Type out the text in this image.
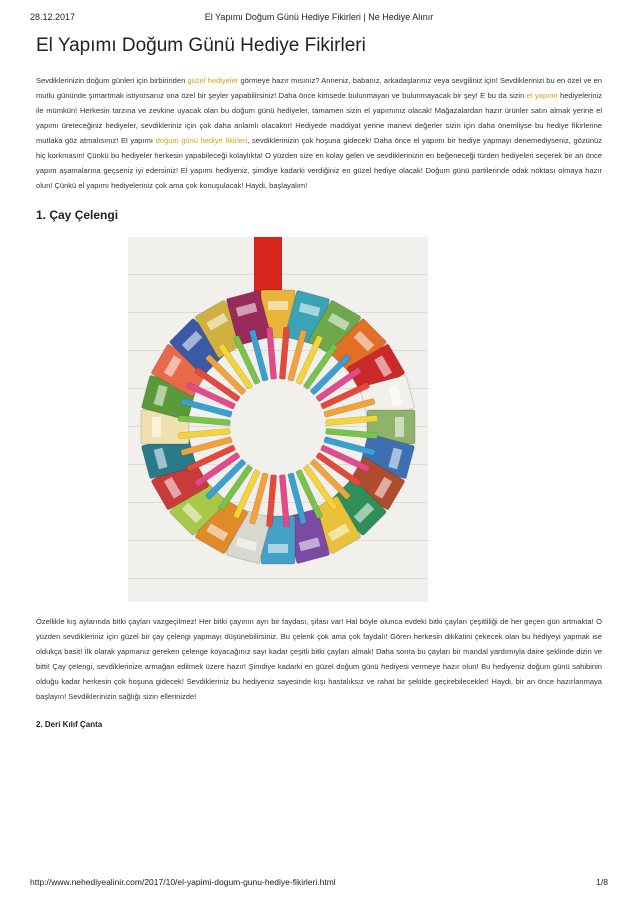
28.12.2017	El Yapımı Doğum Günü Hediye Fikirleri | Ne Hediye Alınır
El Yapımı Doğum Günü Hediye Fikirleri

Sevdiklerinizin doğum günleri için birbirinden güzel hediyeler görmeye hazır mısınız? Anneniz, babanız, arkadaşlarınız veya sevgiliniz için! Sevdiklerinizi bu en özel ve en mutlu gününde şımartmak istiyorsanız ona özel bir şeyler yapabilirsiniz! Daha önce kimsede bulunmayan ve bulunmayacak bir şey! E bu da sizin el yapımı hediyeleriniz ile mümkün! Herkesin tarzına ve zevkine uyacak olan bu doğum günü hediyeler, tamamen sizin el yapımınız olacak! Mağazalardan hazır ürünler satın almak yerine el yapımı üreteceğiniz hediyeler, sevdikleriniz için çok daha anlamlı olacaktır! Hediyede maddiyat yerine manevi değerler sizin için daha önemliyse bu hediye fikirlerine mutlaka göz atmalısınız! El yapımı doğum günü hediye fikirleri, sevdiklerinizin çok hoşuna gidecek! Daha önce el yapımı bir hediye yapmayı denemediyseniz, gözünüz hiç korkmasın! Çünkü bu hediyeler herkesin yapabileceği kolaylıkta! O yüzden size en kolay gelen ve sevdiklerinizin en beğeneceği türden hediyeleri seçerek bir an önce yapım aşamalarına geçseniz iyi edersiniz! El yapımı hediyeniz, şimdiye kadarki verdiğiniz en güzel hediye olacak! Doğum günü partilerinde odak noktası olmaya hazır olun! Çünkü el yapımı hediyeleriniz çok ama çok konuşulacak! Haydi, başlayalım!

1. Çay Çelengi

Özellikle kış aylarında bitki çayları vazgeçilmez! Her bitki çayının ayrı bir faydası, şifası var! Hal böyle olunca evdeki bitki çayları çeşitliliği de her geçen gün artmakta! O yüzden sevdikleriniz için güzel bir çay çelengi yapmayı düşünebilirsiniz. Bu çelenk çok ama çok faydalı! Gören herkesin dikkatini çekecek olan bu hediyeyi yapmak ise oldukça basit! İlk olarak yapmanız gereken çelenge koyacağınız sayı kadar çeşitli bitki çayları almak! Daha sonra bu çayları bir mandal yardımıyla daire şeklinde dizin ve bitti! Çay çelengi, sevdiklerinize armağan edilmek üzere hazır! Şimdiye kadarki en güzel doğum günü hediyesi vermeye hazır olun! Bu hediyeniz doğum günü sahibinin olduğu kadar herkesin çok hoşuna gidecek! Sevdikleriniz bu hediyeniz sayesinde kışı hastalıksız ve rahat bir şekilde geçirebilecekler! Haydi, bir an önce hazırlanmaya başlayın! Sevdiklerinizin sağlığı sizin ellerinizde!

2. Deri Kılıf Çanta
http://www.nehediyealinir.com/2017/10/el-yapimi-dogum-gunu-hediye-fikirleri.html	1/8
